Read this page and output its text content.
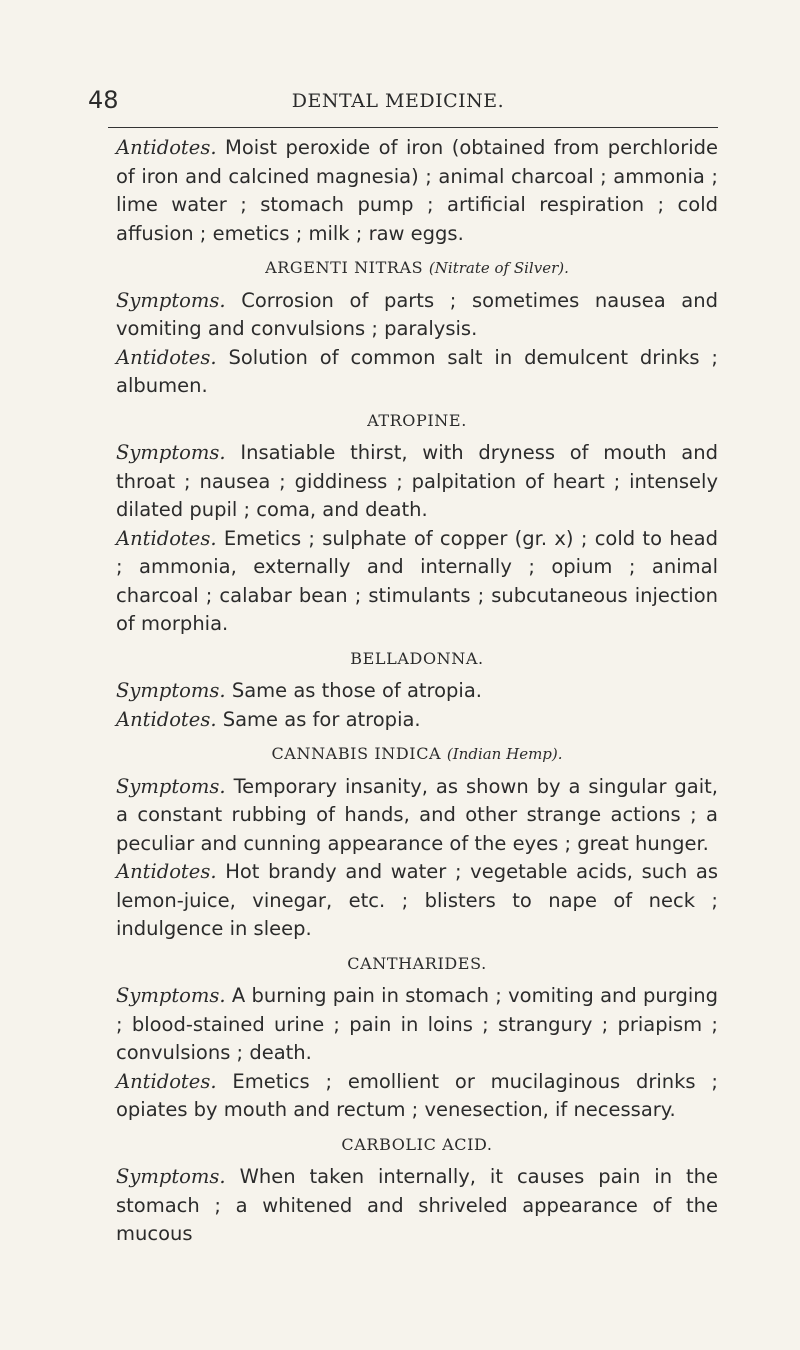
48	DENTAL MEDICINE.

Antidotes. Moist peroxide of iron (obtained from perchloride of iron and calcined magnesia) ; animal charcoal ; ammonia ; lime water ; stomach pump ; artificial respiration ; cold affusion ; emetics ; milk ; raw eggs.

ARGENTI NITRAS (Nitrate of Silver).

Symptoms. Corrosion of parts ; sometimes nausea and vomiting and convulsions ; paralysis.

Antidotes. Solution of common salt in demulcent drinks ; albumen.

ATROPINE.

Symptoms. Insatiable thirst, with dryness of mouth and throat ; nausea ; giddiness ; palpitation of heart ; intensely dilated pupil ; coma, and death.

Antidotes. Emetics ; sulphate of copper (gr. x) ; cold to head ; ammonia, externally and internally ; opium ; animal charcoal ; calabar bean ; stimulants ; subcutaneous injection of morphia.

BELLADONNA.

Symptoms. Same as those of atropia.

Antidotes. Same as for atropia.

CANNABIS INDICA (Indian Hemp).

Symptoms. Temporary insanity, as shown by a singular gait, a constant rubbing of hands, and other strange actions ; a peculiar and cunning appearance of the eyes ; great hunger.

Antidotes. Hot brandy and water ; vegetable acids, such as lemon-juice, vinegar, etc. ; blisters to nape of neck ; indulgence in sleep.

CANTHARIDES.

Symptoms. A burning pain in stomach ; vomiting and purging ; blood-stained urine ; pain in loins ; strangury ; priapism ; convulsions ; death.

Antidotes. Emetics ; emollient or mucilaginous drinks ; opiates by mouth and rectum ; venesection, if necessary.

CARBOLIC ACID.

Symptoms. When taken internally, it causes pain in the stomach ; a whitened and shriveled appearance of the mucous
